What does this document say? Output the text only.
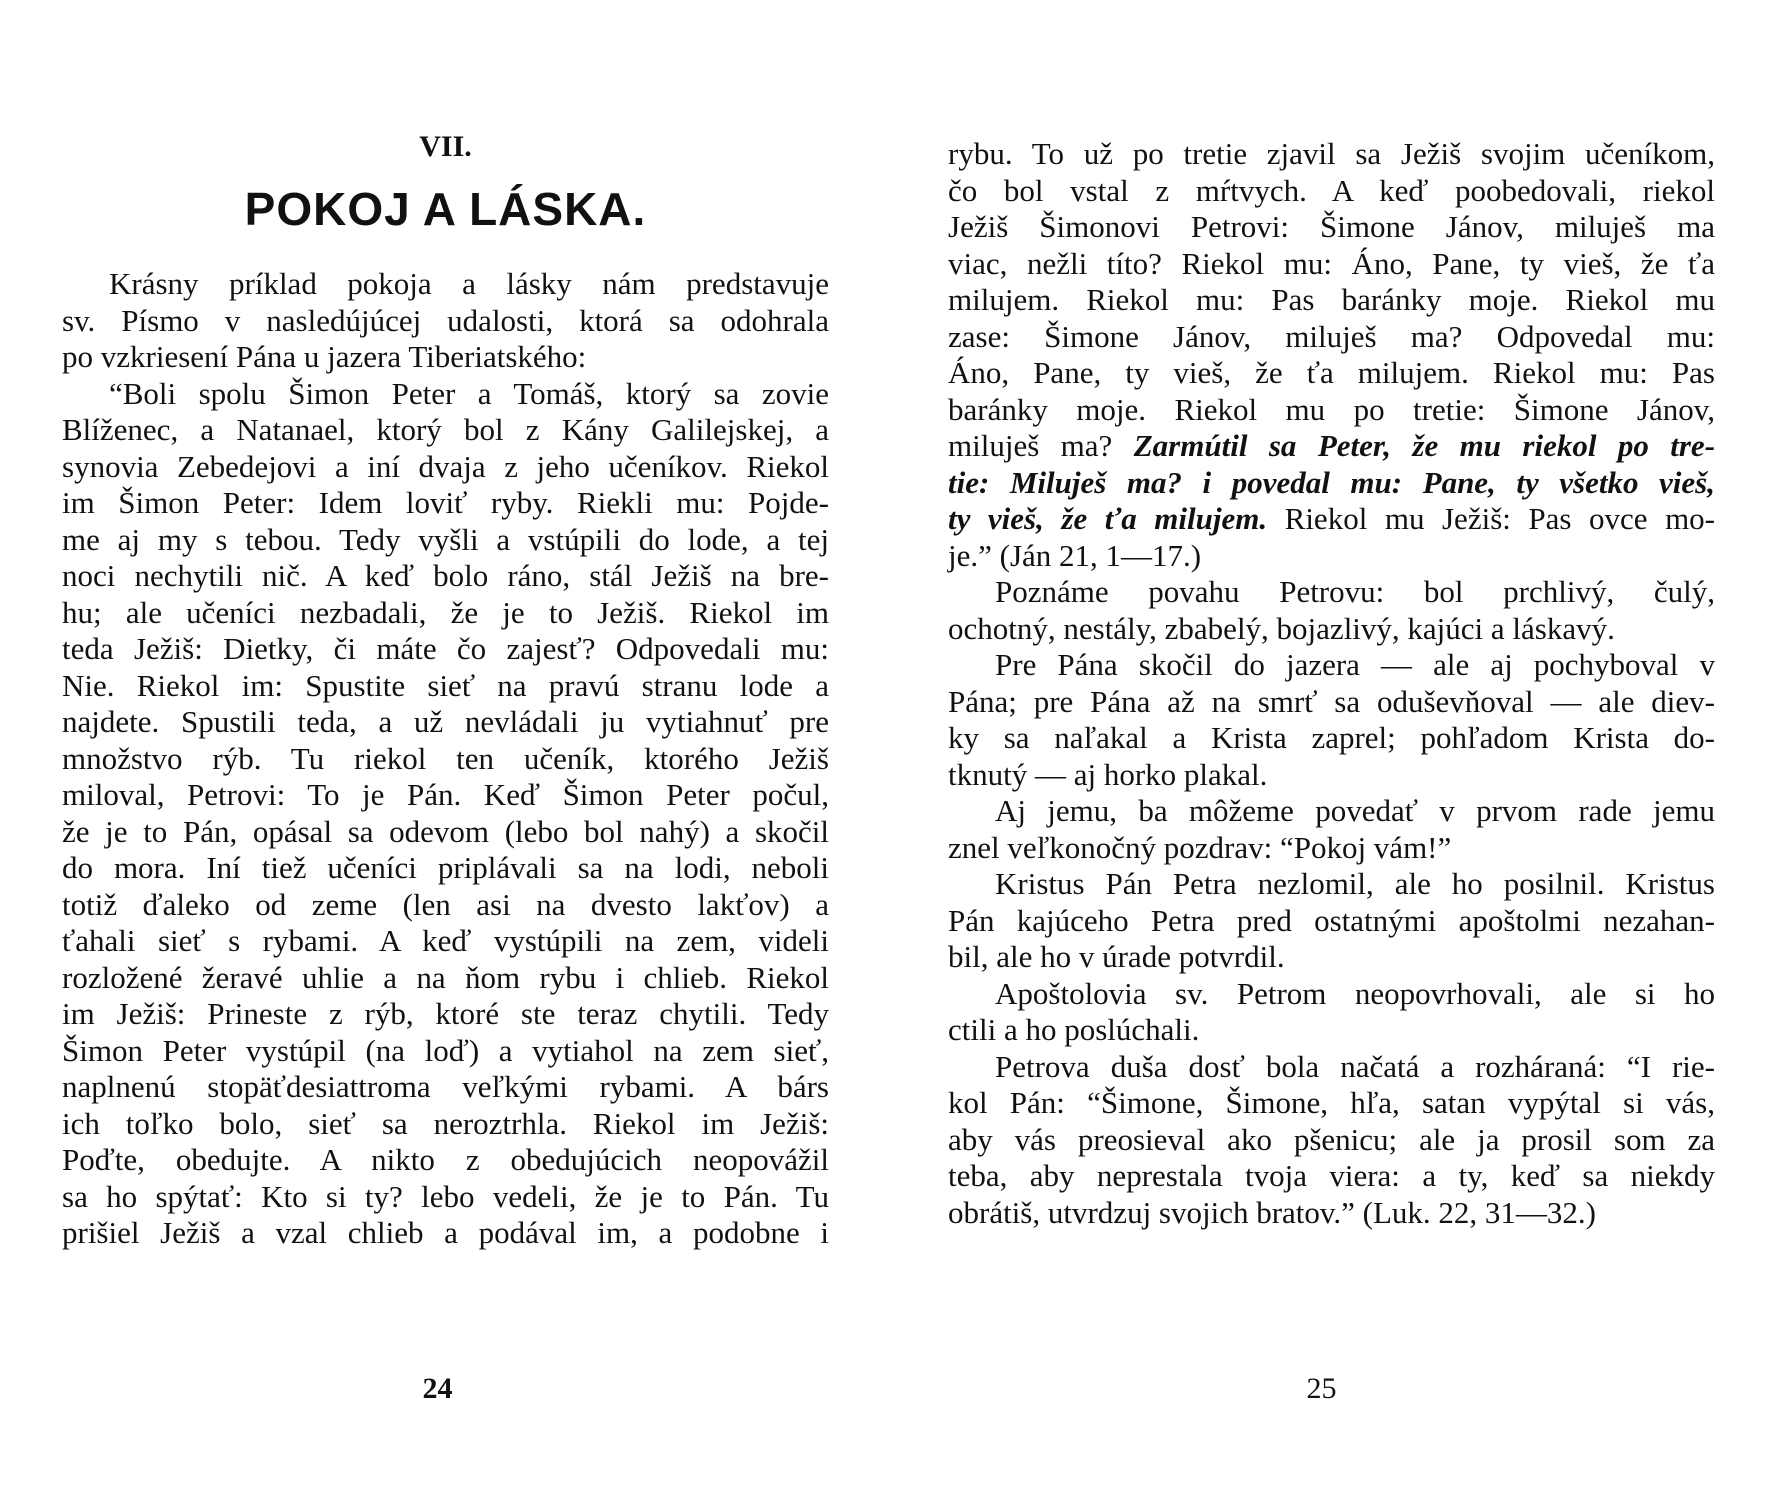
VII.
POKOJ A LÁSKA.
Krásny príklad pokoja a lásky nám predstavuje
sv. Písmo v nasledújúcej udalosti, ktorá sa odohrala
po vzkriesení Pána u jazera Tiberiatského:
“Boli spolu Šimon Peter a Tomáš, ktorý sa zovie
Blíženec, a Natanael, ktorý bol z Kány Galilejskej, a
synovia Zebedejovi a iní dvaja z jeho učeníkov. Riekol
im Šimon Peter: Idem loviť ryby. Riekli mu: Pojde-
me aj my s tebou. Tedy vyšli a vstúpili do lode, a tej
noci nechytili nič. A keď bolo ráno, stál Ježiš na bre-
hu; ale učeníci nezbadali, že je to Ježiš. Riekol im
teda Ježiš: Dietky, či máte čo zajesť? Odpovedali mu:
Nie. Riekol im: Spustite sieť na pravú stranu lode a
najdete. Spustili teda, a už nevládali ju vytiahnuť pre
množstvo rýb. Tu riekol ten učeník, ktorého Ježiš
miloval, Petrovi: To je Pán. Keď Šimon Peter počul,
že je to Pán, opásal sa odevom (lebo bol nahý) a skočil
do mora. Iní tiež učeníci priplávali sa na lodi, neboli
totiž ďaleko od zeme (len asi na dvesto lakťov) a
ťahali sieť s rybami. A keď vystúpili na zem, videli
rozložené žeravé uhlie a na ňom rybu i chlieb. Riekol
im Ježiš: Prineste z rýb, ktoré ste teraz chytili. Tedy
Šimon Peter vystúpil (na loď) a vytiahol na zem sieť,
naplnenú stopäťdesiattroma veľkými rybami. A bárs
ich toľko bolo, sieť sa neroztrhla. Riekol im Ježiš:
Poďte, obedujte. A nikto z obedujúcich neopovážil
sa ho spýtať: Kto si ty? lebo vedeli, že je to Pán. Tu
prišiel Ježiš a vzal chlieb a podával im, a podobne i
24
rybu. To už po tretie zjavil sa Ježiš svojim učeníkom,
čo bol vstal z mŕtvych. A keď poobedovali, riekol
Ježiš Šimonovi Petrovi: Šimone Jánov, miluješ ma
viac, nežli títo? Riekol mu: Áno, Pane, ty vieš, že ťa
milujem. Riekol mu: Pas baránky moje. Riekol mu
zase: Šimone Jánov, miluješ ma? Odpovedal mu:
Áno, Pane, ty vieš, že ťa milujem. Riekol mu: Pas
baránky moje. Riekol mu po tretie: Šimone Jánov,
miluješ ma? Zarmútil sa Peter, že mu riekol po tre-
tie: Miluješ ma? i povedal mu: Pane, ty všetko vieš,
ty vieš, že ťa milujem. Riekol mu Ježiš: Pas ovce mo-
je.” (Ján 21, 1—17.)
Poznáme povahu Petrovu: bol prchlivý, čulý,
ochotný, nestály, zbabelý, bojazlivý, kajúci a láskavý.
Pre Pána skočil do jazera — ale aj pochyboval v
Pána; pre Pána až na smrť sa oduševňoval — ale diev-
ky sa naľakal a Krista zaprel; pohľadom Krista do-
tknutý — aj horko plakal.
Aj jemu, ba môžeme povedať v prvom rade jemu
znel veľkonočný pozdrav: “Pokoj vám!”
Kristus Pán Petra nezlomil, ale ho posilnil. Kristus
Pán kajúceho Petra pred ostatnými apoštolmi nezahan-
bil, ale ho v úrade potvrdil.
Apoštolovia sv. Petrom neopovrhovali, ale si ho
ctili a ho poslúchali.
Petrova duša dosť bola načatá a rozháraná: “I rie-
kol Pán: “Šimone, Šimone, hľa, satan vypýtal si vás,
aby vás preosieval ako pšenicu; ale ja prosil som za
teba, aby neprestala tvoja viera: a ty, keď sa niekdy
obrátiš, utvrdzuj svojich bratov.” (Luk. 22, 31—32.)
25
